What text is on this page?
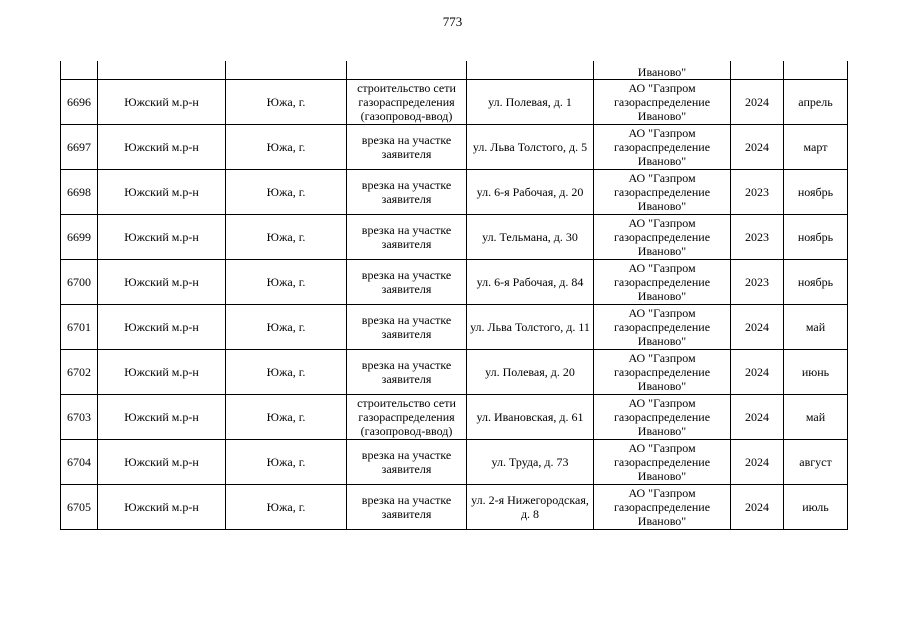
773
					Иваново"		
6696	Южский м.р-н	Южа, г.	строительство сети газораспределения (газопровод-ввод)	ул. Полевая, д. 1	АО "Газпром газораспределение Иваново"	2024	апрель
6697	Южский м.р-н	Южа, г.	врезка на участке заявителя	ул. Льва Толстого, д. 5	АО "Газпром газораспределение Иваново"	2024	март
6698	Южский м.р-н	Южа, г.	врезка на участке заявителя	ул. 6-я Рабочая, д. 20	АО "Газпром газораспределение Иваново"	2023	ноябрь
6699	Южский м.р-н	Южа, г.	врезка на участке заявителя	ул. Тельмана, д. 30	АО "Газпром газораспределение Иваново"	2023	ноябрь
6700	Южский м.р-н	Южа, г.	врезка на участке заявителя	ул. 6-я Рабочая, д. 84	АО "Газпром газораспределение Иваново"	2023	ноябрь
6701	Южский м.р-н	Южа, г.	врезка на участке заявителя	ул. Льва Толстого, д. 11	АО "Газпром газораспределение Иваново"	2024	май
6702	Южский м.р-н	Южа, г.	врезка на участке заявителя	ул. Полевая, д. 20	АО "Газпром газораспределение Иваново"	2024	июнь
6703	Южский м.р-н	Южа, г.	строительство сети газораспределения (газопровод-ввод)	ул. Ивановская, д. 61	АО "Газпром газораспределение Иваново"	2024	май
6704	Южский м.р-н	Южа, г.	врезка на участке заявителя	ул. Труда, д. 73	АО "Газпром газораспределение Иваново"	2024	август
6705	Южский м.р-н	Южа, г.	врезка на участке заявителя	ул. 2-я Нижегородская, д. 8	АО "Газпром газораспределение Иваново"	2024	июль
